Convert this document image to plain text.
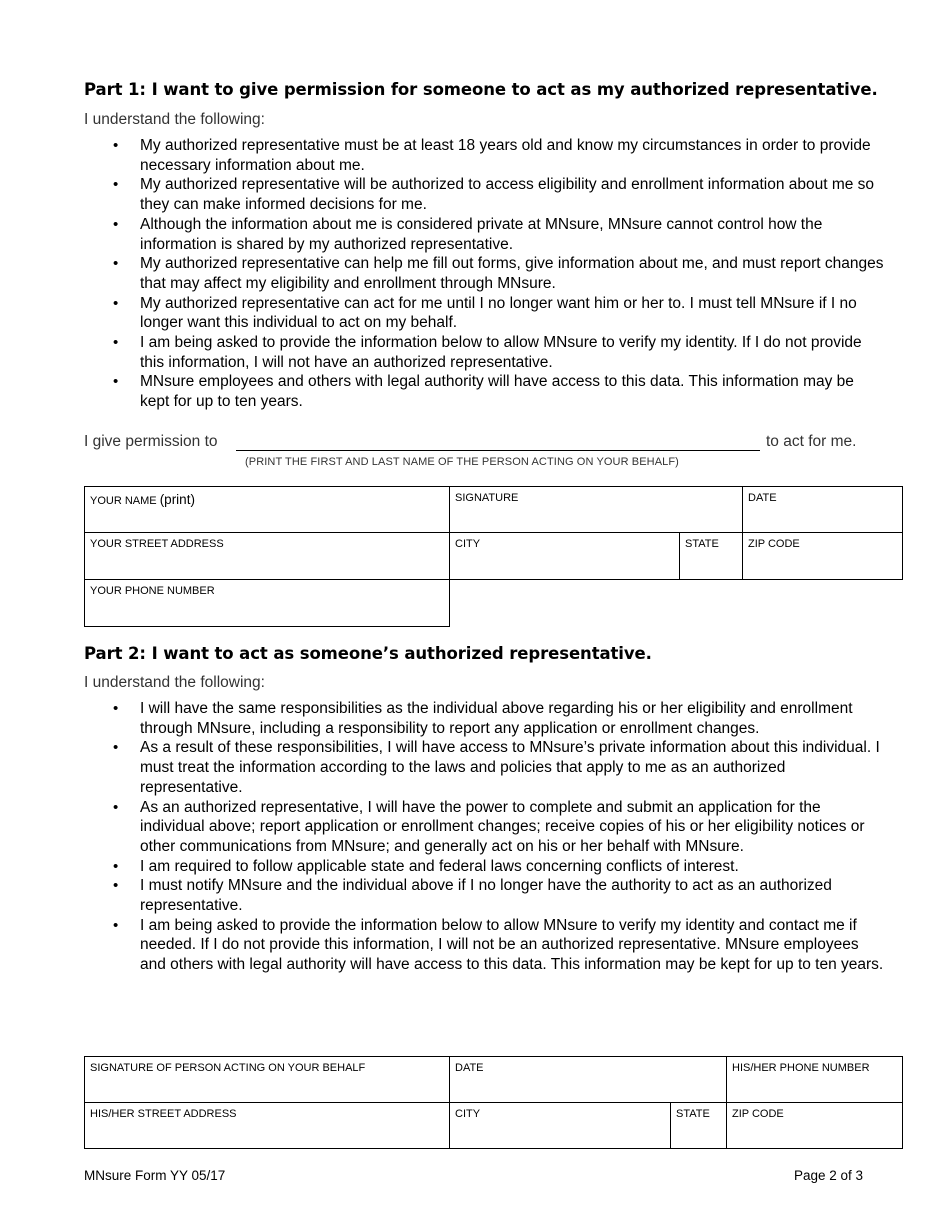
Part 1: I want to give permission for someone to act as my authorized representative.
I understand the following:
• My authorized representative must be at least 18 years old and know my circumstances in order to provide necessary information about me.
• My authorized representative will be authorized to access eligibility and enrollment information about me so they can make informed decisions for me.
• Although the information about me is considered private at MNsure, MNsure cannot control how the information is shared by my authorized representative.
• My authorized representative can help me fill out forms, give information about me, and must report changes that may affect my eligibility and enrollment through MNsure.
• My authorized representative can act for me until I no longer want him or her to. I must tell MNsure if I no longer want this individual to act on my behalf.
• I am being asked to provide the information below to allow MNsure to verify my identity. If I do not provide this information, I will not have an authorized representative.
• MNsure employees and others with legal authority will have access to this data. This information may be kept for up to ten years.
I give permission to	to act for me.
(PRINT THE FIRST AND LAST NAME OF THE PERSON ACTING ON YOUR BEHALF)
YOUR NAME (print)	SIGNATURE		DATE
YOUR STREET ADDRESS	CITY	STATE	ZIP CODE
YOUR PHONE NUMBER			
Part 2: I want to act as someone’s authorized representative.
I understand the following:
• I will have the same responsibilities as the individual above regarding his or her eligibility and enrollment through MNsure, including a responsibility to report any application or enrollment changes.
• As a result of these responsibilities, I will have access to MNsure’s private information about this individual. I must treat the information according to the laws and policies that apply to me as an authorized representative.
• As an authorized representative, I will have the power to complete and submit an application for the individual above; report application or enrollment changes; receive copies of his or her eligibility notices or other communications from MNsure; and generally act on his or her behalf with MNsure.
• I am required to follow applicable state and federal laws concerning conflicts of interest.
• I must notify MNsure and the individual above if I no longer have the authority to act as an authorized representative.
• I am being asked to provide the information below to allow MNsure to verify my identity and contact me if needed. If I do not provide this information, I will not be an authorized representative. MNsure employees and others with legal authority will have access to this data. This information may be kept for up to ten years.
SIGNATURE OF PERSON ACTING ON YOUR BEHALF	DATE		HIS/HER PHONE NUMBER
HIS/HER STREET ADDRESS	CITY	STATE	ZIP CODE
MNsure Form YY 05/17	Page 2 of 3
